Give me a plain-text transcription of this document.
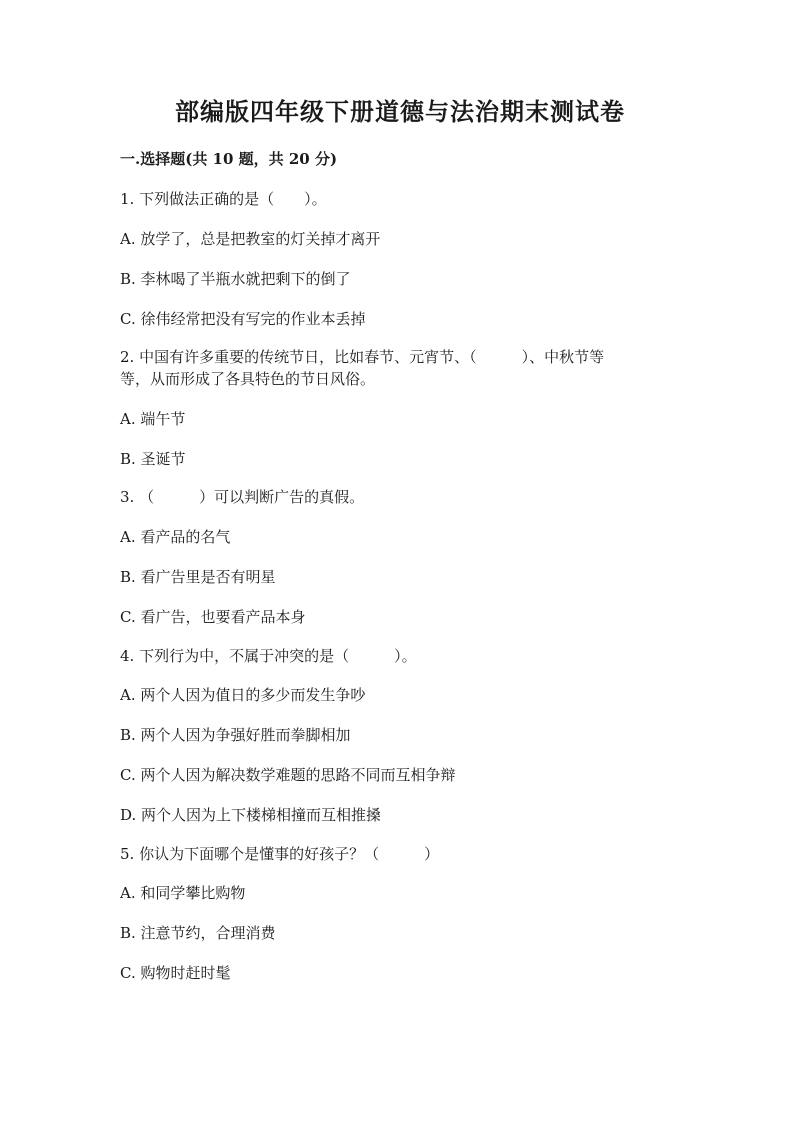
部编版四年级下册道德与法治期末测试卷
一.选择题(共 10 题，共 20 分)
1. 下列做法正确的是（　　）。
A. 放学了，总是把教室的灯关掉才离开
B. 李林喝了半瓶水就把剩下的倒了
C. 徐伟经常把没有写完的作业本丢掉
2. 中国有许多重要的传统节日，比如春节、元宵节、（　　　）、中秋节等
等，从而形成了各具特色的节日风俗。
A. 端午节
B. 圣诞节
3. （　　　）可以判断广告的真假。
A. 看产品的名气
B. 看广告里是否有明星
C. 看广告，也要看产品本身
4. 下列行为中，不属于冲突的是（　　　）。
A. 两个人因为值日的多少而发生争吵
B. 两个人因为争强好胜而拳脚相加
C. 两个人因为解决数学难题的思路不同而互相争辩
D. 两个人因为上下楼梯相撞而互相推搡
5. 你认为下面哪个是懂事的好孩子？（　　　）
A. 和同学攀比购物
B. 注意节约，合理消费
C. 购物时赶时髦
